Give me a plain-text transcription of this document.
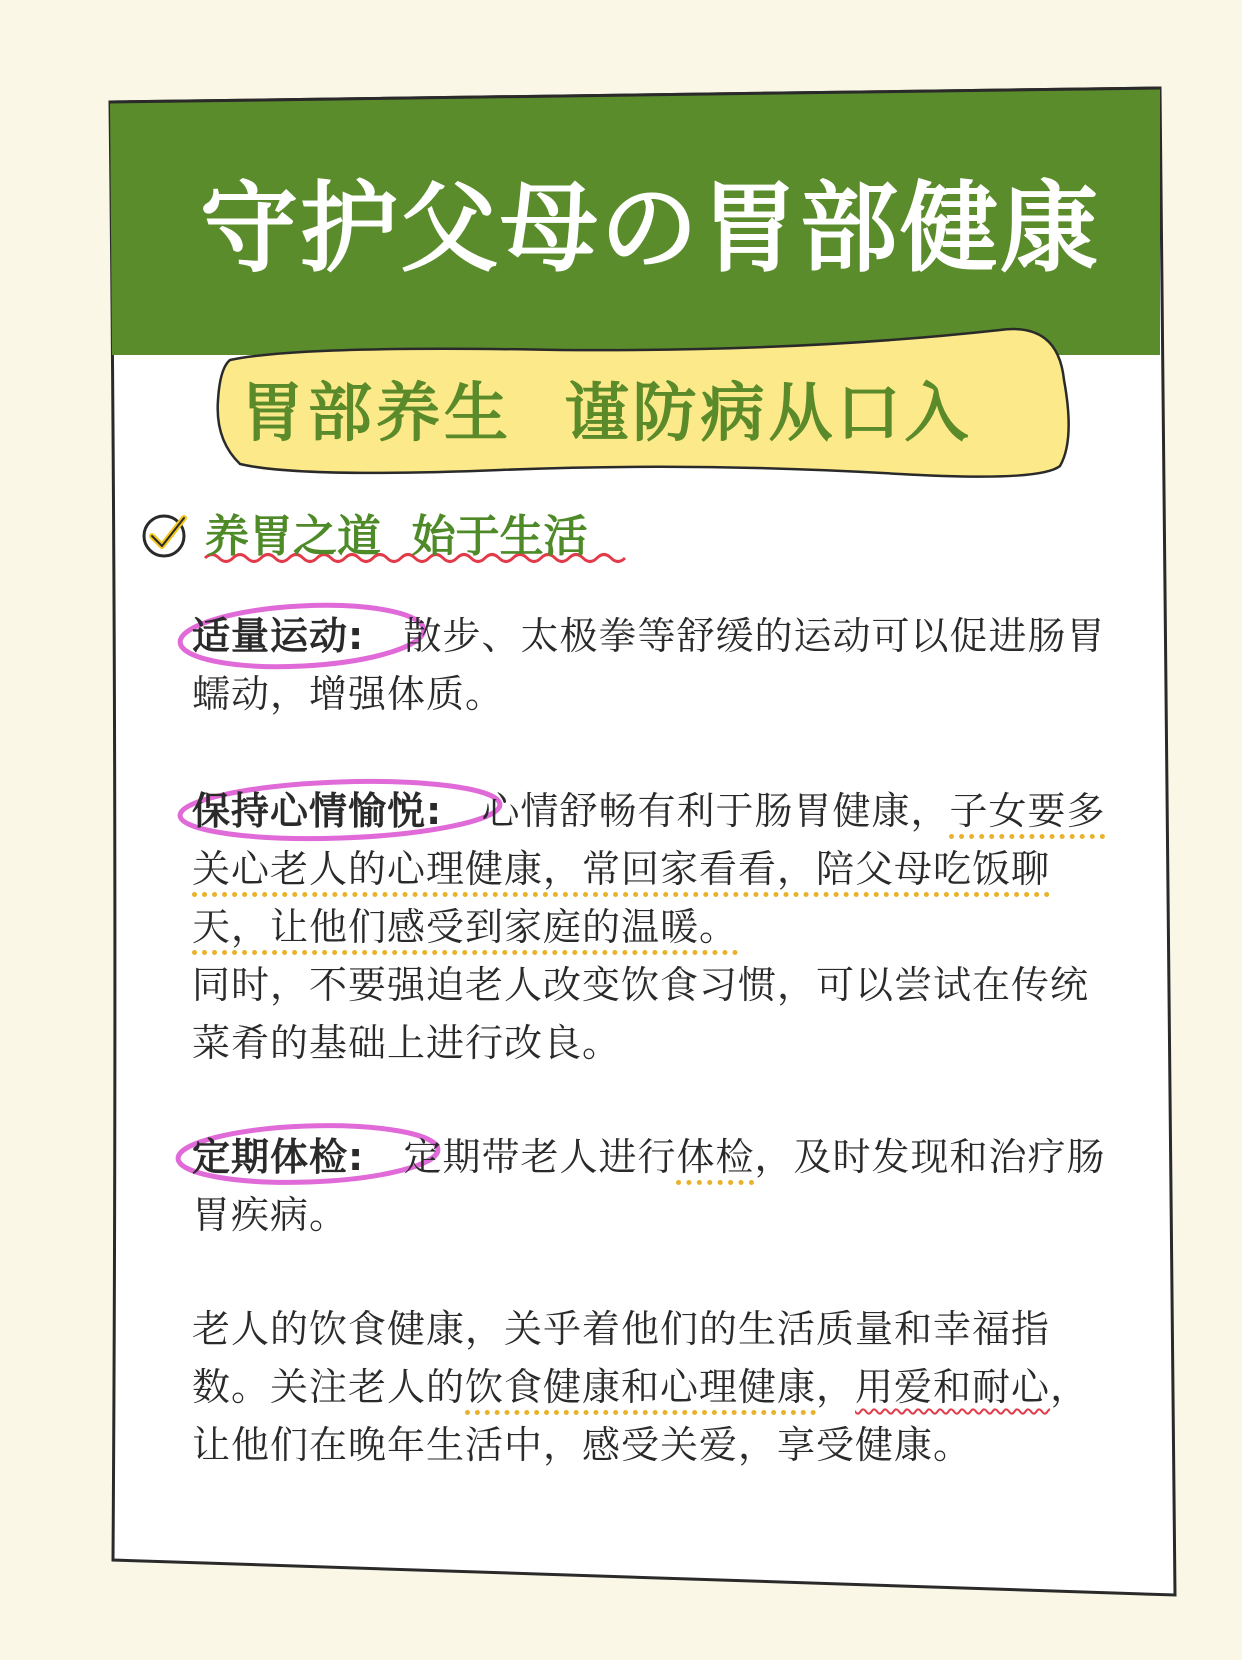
守护父母の胃部健康
胃部养生  谨防病从口入
养胃之道  始于生活

适量运动: 散步、太极拳等舒缓的运动可以促进肠胃蠕动，增强体质。

保持心情愉悦: 心情舒畅有利于肠胃健康，子女要多关心老人的心理健康，常回家看看，陪父母吃饭聊天，让他们感受到家庭的温暖。

同时，不要强迫老人改变饮食习惯，可以尝试在传统菜肴的基础上进行改良。

定期体检: 定期带老人进行体检，及时发现和治疗肠胃疾病。

老人的饮食健康，关乎着他们的生活质量和幸福指数。关注老人的饮食健康和心理健康，用爱和耐心，让他们在晚年生活中，感受关爱，享受健康。
